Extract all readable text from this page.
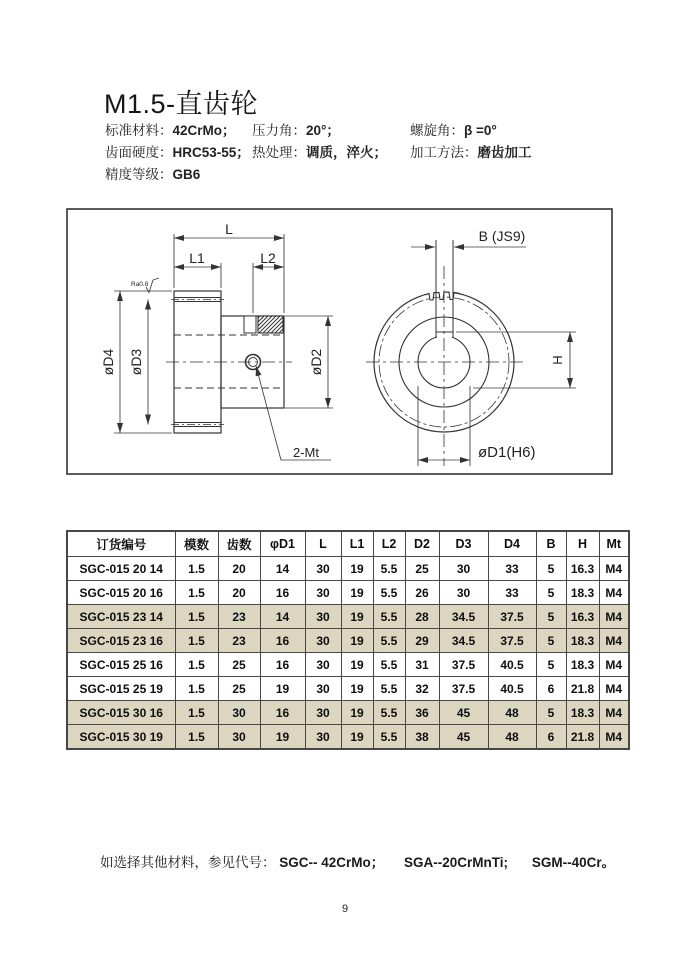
M1.5-直齿轮
标准材料：42CrMo； 压力角：20°；	螺旋角：β =0°
齿面硬度：HRC53-55； 热处理：调质，淬火； 加工方法：磨齿加工
精度等级：GB6
L
L1	L2
øD4 øD3	øD2
2-Mt
Ra0.8
B (JS9)
H
øD1(H6)
订货编号	模数	齿数	φD1	L	L1	L2	D2	D3	D4	B	H	Mt
SGC-015 20 14	1.5	20	14	30	19	5.5	25	30	33	5	16.3	M4
SGC-015 20 16	1.5	20	16	30	19	5.5	26	30	33	5	18.3	M4
SGC-015 23 14	1.5	23	14	30	19	5.5	28	34.5	37.5	5	16.3	M4
SGC-015 23 16	1.5	23	16	30	19	5.5	29	34.5	37.5	5	18.3	M4
SGC-015 25 16	1.5	25	16	30	19	5.5	31	37.5	40.5	5	18.3	M4
SGC-015 25 19	1.5	25	19	30	19	5.5	32	37.5	40.5	6	21.8	M4
SGC-015 30 16	1.5	30	16	30	19	5.5	36	45	48	5	18.3	M4
SGC-015 30 19	1.5	30	19	30	19	5.5	38	45	48	6	21.8	M4
如选择其他材料，参见代号： SGC-- 42CrMo； SGA--20CrMnTi; SGM--40Cr。
9
